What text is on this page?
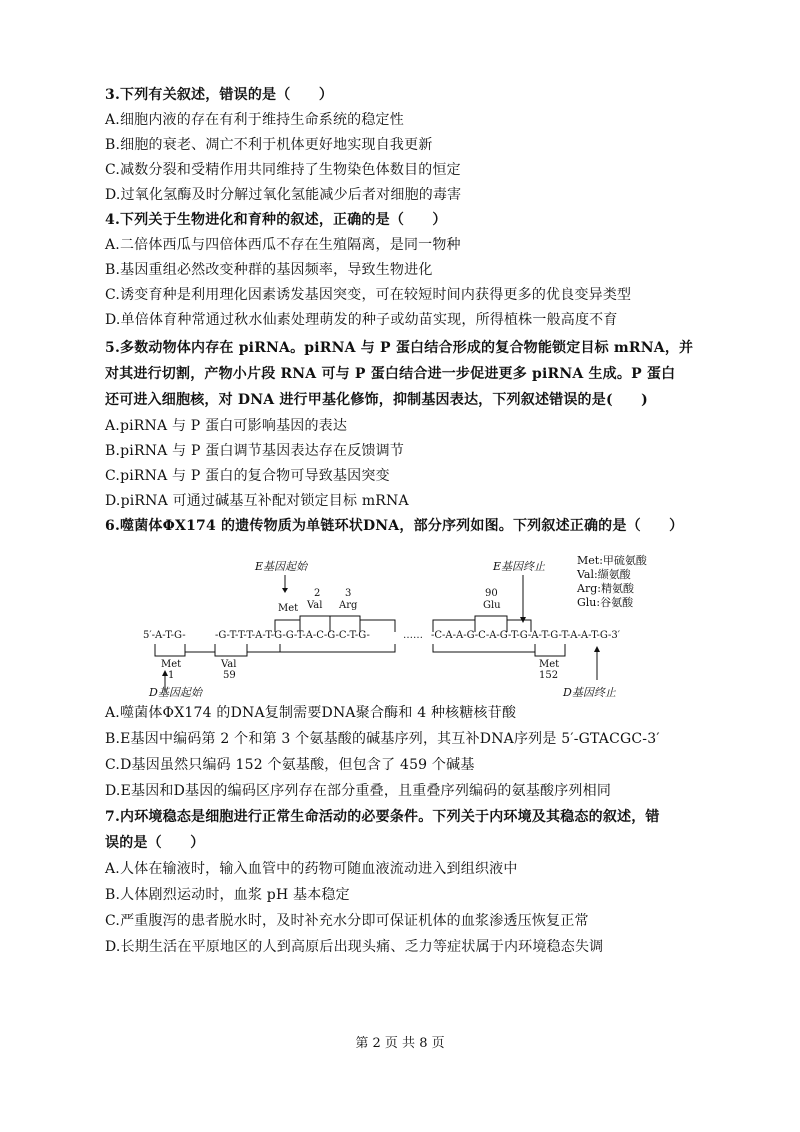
3.下列有关叙述，错误的是（　　）
A.细胞内液的存在有利于维持生命系统的稳定性
B.细胞的衰老、凋亡不利于机体更好地实现自我更新
C.减数分裂和受精作用共同维持了生物染色体数目的恒定
D.过氧化氢酶及时分解过氧化氢能减少后者对细胞的毒害
4.下列关于生物进化和育种的叙述，正确的是（　　）
A.二倍体西瓜与四倍体西瓜不存在生殖隔离，是同一物种
B.基因重组必然改变种群的基因频率，导致生物进化
C.诱变育种是利用理化因素诱发基因突变，可在较短时间内获得更多的优良变异类型
D.单倍体育种常通过秋水仙素处理萌发的种子或幼苗实现，所得植株一般高度不育
5.多数动物体内存在 piRNA。piRNA 与 P 蛋白结合形成的复合物能锁定目标 mRNA，并
对其进行切割，产物小片段 RNA 可与 P 蛋白结合进一步促进更多 piRNA 生成。P 蛋白
还可进入细胞核，对 DNA 进行甲基化修饰，抑制基因表达，下列叙述错误的是(　　)
A.piRNA 与 P 蛋白可影响基因的表达
B.piRNA 与 P 蛋白调节基因表达存在反馈调节
C.piRNA 与 P 蛋白的复合物可导致基因突变
D.piRNA 可通过碱基互补配对锁定目标 mRNA
6.噬菌体ΦX174 的遗传物质为单链环状DNA，部分序列如图。下列叙述正确的是（　　）
Met:甲硫氨酸
Val:缬氨酸
Arg:精氨酸
Glu:谷氨酸
E基因起始	E基因终止
Met
2
Val
3
Arg
90
Glu
5′-A-T-G-	-G-T-T-T-A-T-G-G-T-A-C-G-C-T-G-	…… -C-A-A-G-C-A-G-T-G-A-T-G-T-A-A-T-G-3′
Met
1
Val
59
Met
152
D基因起始	D基因终止
A.噬菌体ΦX174 的DNA复制需要DNA聚合酶和 4 种核糖核苷酸
B.E基因中编码第 2 个和第 3 个氨基酸的碱基序列，其互补DNA序列是 5′-GTACGC-3′
C.D基因虽然只编码 152 个氨基酸，但包含了 459 个碱基
D.E基因和D基因的编码区序列存在部分重叠，且重叠序列编码的氨基酸序列相同
7.内环境稳态是细胞进行正常生命活动的必要条件。下列关于内环境及其稳态的叙述，错
误的是（　　）
A.人体在输液时，输入血管中的药物可随血液流动进入到组织液中
B.人体剧烈运动时，血浆 pH 基本稳定
C.严重腹泻的患者脱水时，及时补充水分即可保证机体的血浆渗透压恢复正常
D.长期生活在平原地区的人到高原后出现头痛、乏力等症状属于内环境稳态失调
第 2 页 共 8 页
